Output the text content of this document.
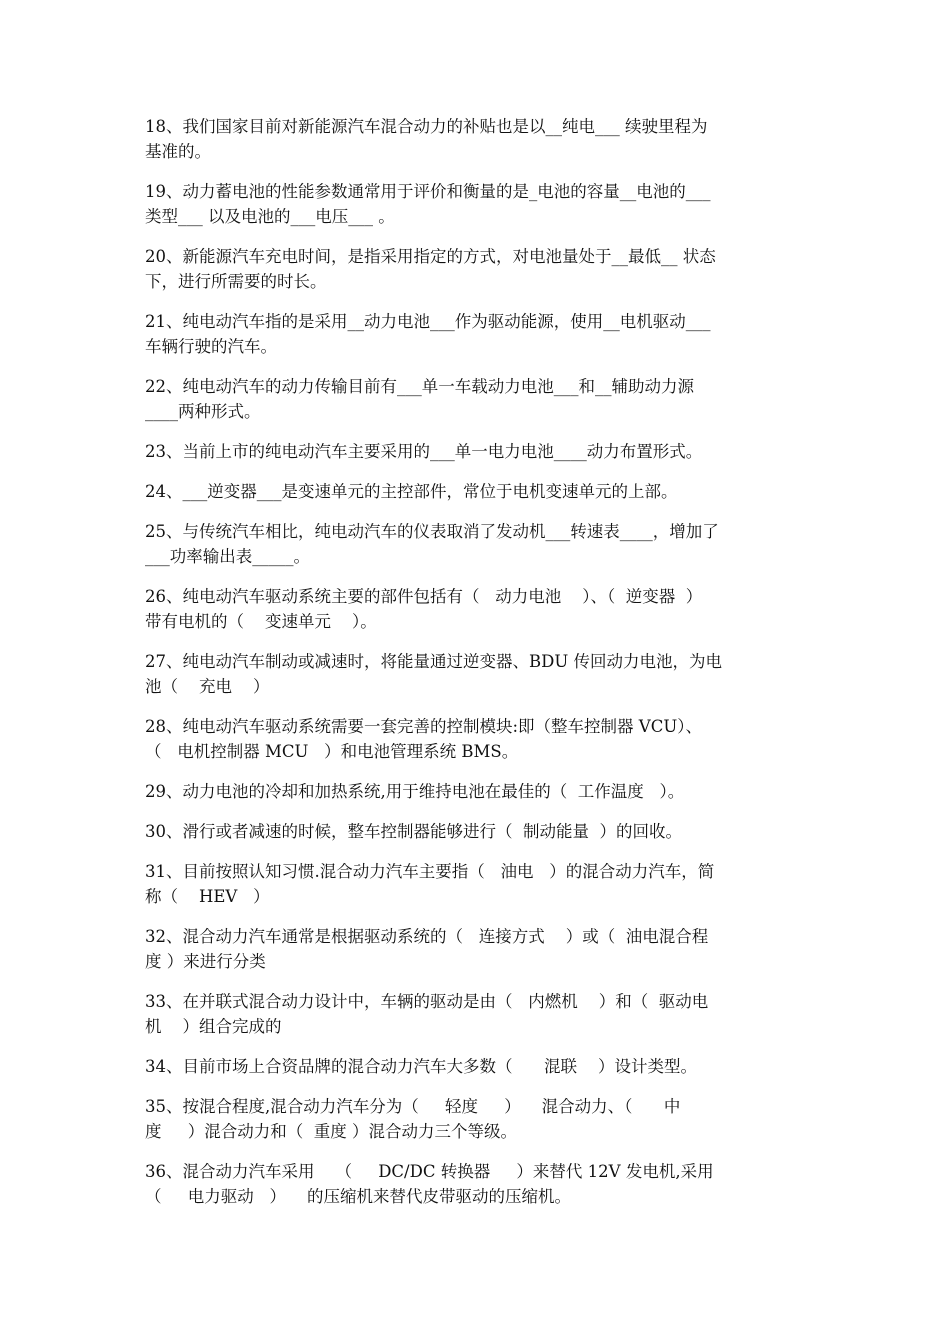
18、我们国家目前对新能源汽车混合动力的补贴也是以__纯电___ 续驶里程为
基准的。
19、动力蓄电池的性能参数通常用于评价和衡量的是_电池的容量__电池的___
类型___ 以及电池的___电压___ 。
20、新能源汽车充电时间，是指采用指定的方式，对电池量处于__最低__ 状态
下，进行所需要的时长。
21、纯电动汽车指的是采用__动力电池___作为驱动能源，使用__电机驱动___
车辆行驶的汽车。
22、纯电动汽车的动力传输目前有___单一车载动力电池___和__辅助动力源
____两种形式。
23、当前上市的纯电动汽车主要采用的___单一电力电池____动力布置形式。
24、___逆变器___是变速单元的主控部件，常位于电机变速单元的上部。
25、与传统汽车相比，纯电动汽车的仪表取消了发动机___转速表____，增加了
___功率输出表_____。
26、纯电动汽车驱动系统主要的部件包括有（   动力电池    ）、（  逆变器  ）
带有电机的（    变速单元    ）。
27、纯电动汽车制动或减速时，将能量通过逆变器、BDU 传回动力电池，为电
池（    充电    ）
28、纯电动汽车驱动系统需要一套完善的控制模块:即（整车控制器 VCU）、
（   电机控制器 MCU   ）和电池管理系统 BMS。
29、动力电池的冷却和加热系统,用于维持电池在最佳的（  工作温度   ）。
30、滑行或者减速的时候，整车控制器能够进行（  制动能量  ）的回收。
31、目前按照认知习惯.混合动力汽车主要指（   油电   ）的混合动力汽车，简
称（    HEV   ）
32、混合动力汽车通常是根据驱动系统的（   连接方式    ）或（  油电混合程
度 ）来进行分类
33、在并联式混合动力设计中，车辆的驱动是由（   内燃机    ）和（  驱动电
机    ）组合完成的
34、目前市场上合资品牌的混合动力汽车大多数（      混联    ）设计类型。
35、按混合程度,混合动力汽车分为（     轻度     ）    混合动力、（      中
度     ）混合动力和（  重度 ）混合动力三个等级。
36、混合动力汽车采用    （     DC/DC 转换器     ）来替代 12V 发电机,采用
（     电力驱动   ）    的压缩机来替代皮带驱动的压缩机。
